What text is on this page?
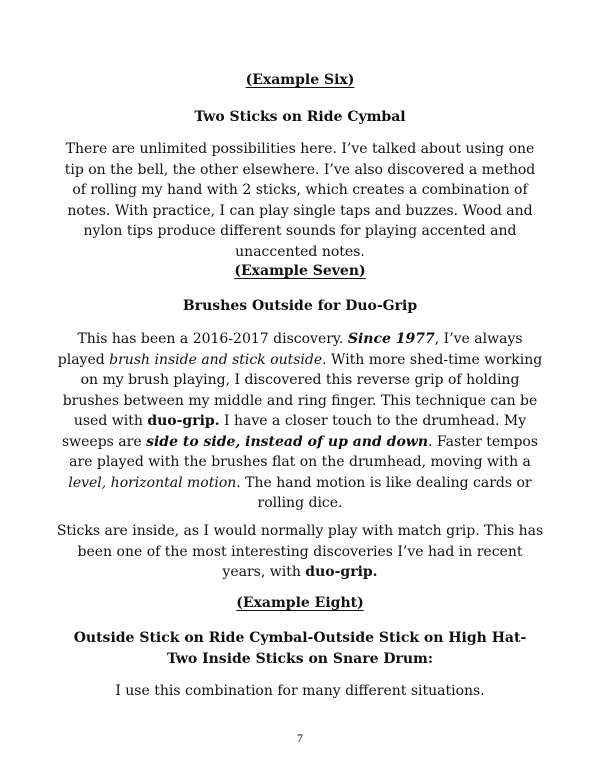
(Example Six)
Two Sticks on Ride Cymbal
There are unlimited possibilities here. I’ve talked about using one tip on the bell, the other elsewhere. I’ve also discovered a method of rolling my hand with 2 sticks, which creates a combination of notes. With practice, I can play single taps and buzzes. Wood and nylon tips produce different sounds for playing accented and unaccented notes.
(Example Seven)
Brushes Outside for Duo-Grip
This has been a 2016-2017 discovery. Since 1977, I’ve always played brush inside and stick outside. With more shed-time working on my brush playing, I discovered this reverse grip of holding brushes between my middle and ring finger. This technique can be used with duo-grip. I have a closer touch to the drumhead. My sweeps are side to side, instead of up and down. Faster tempos are played with the brushes flat on the drumhead, moving with a level, horizontal motion. The hand motion is like dealing cards or rolling dice.
Sticks are inside, as I would normally play with match grip. This has been one of the most interesting discoveries I’ve had in recent years, with duo-grip.
(Example Eight)
Outside Stick on Ride Cymbal-Outside Stick on High Hat-
Two Inside Sticks on Snare Drum:
I use this combination for many different situations.
7
